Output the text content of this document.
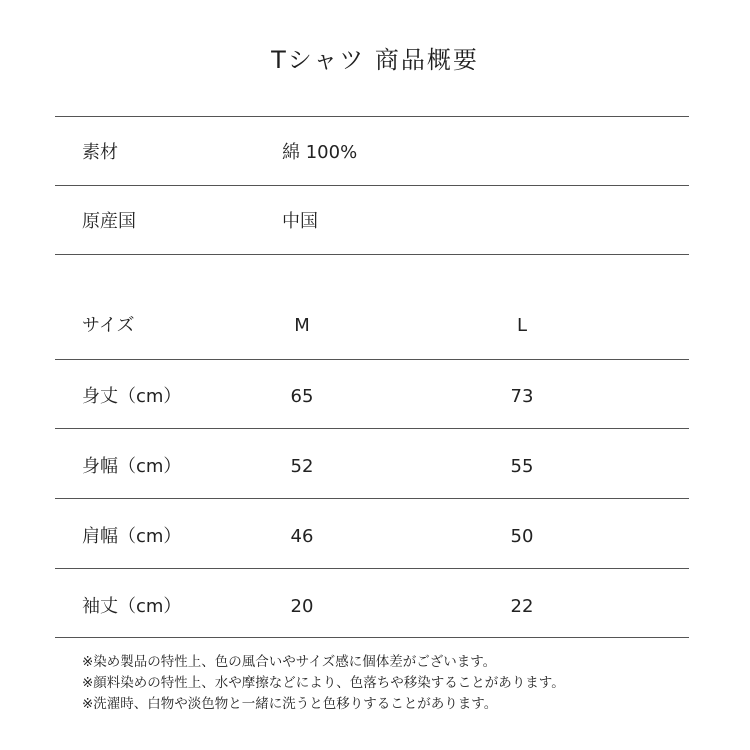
Tシャツ 商品概要
素材	綿 100%
原産国	中国
サイズ	M	L
身丈（cm）	65	73
身幅（cm）	52	55
肩幅（cm）	46	50
袖丈（cm）	20	22
※染め製品の特性上、色の風合いやサイズ感に個体差がございます。
※顔料染めの特性上、水や摩擦などにより、色落ちや移染することがあります。
※洗濯時、白物や淡色物と一緒に洗うと色移りすることがあります。
